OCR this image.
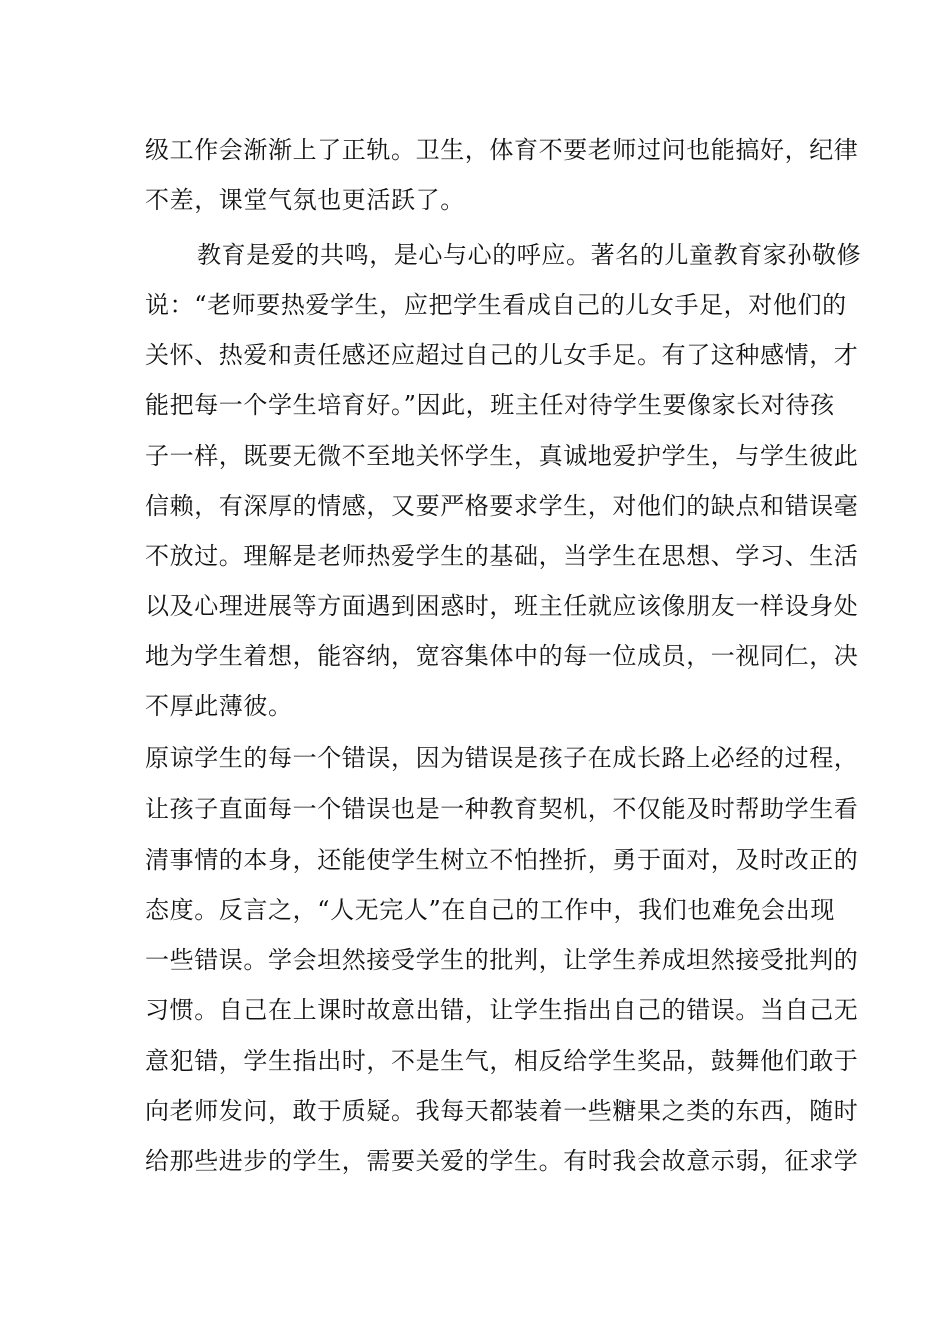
级工作会渐渐上了正轨。卫生，体育不要老师过问也能搞好，纪律
不差，课堂气氛也更活跃了。
教育是爱的共鸣，是心与心的呼应。著名的儿童教育家孙敬修
说：“老师要热爱学生，应把学生看成自己的儿女手足，对他们的
关怀、热爱和责任感还应超过自己的儿女手足。有了这种感情，才
能把每一个学生培育好。”因此，班主任对待学生要像家长对待孩
子一样，既要无微不至地关怀学生，真诚地爱护学生，与学生彼此
信赖，有深厚的情感，又要严格要求学生，对他们的缺点和错误毫
不放过。理解是老师热爱学生的基础，当学生在思想、学习、生活
以及心理进展等方面遇到困惑时，班主任就应该像朋友一样设身处
地为学生着想，能容纳，宽容集体中的每一位成员，一视同仁，决
不厚此薄彼。
原谅学生的每一个错误，因为错误是孩子在成长路上必经的过程，
让孩子直面每一个错误也是一种教育契机，不仅能及时帮助学生看
清事情的本身，还能使学生树立不怕挫折，勇于面对，及时改正的
态度。反言之，“人无完人”在自己的工作中，我们也难免会出现
一些错误。学会坦然接受学生的批判，让学生养成坦然接受批判的
习惯。自己在上课时故意出错，让学生指出自己的错误。当自己无
意犯错，学生指出时，不是生气，相反给学生奖品，鼓舞他们敢于
向老师发问，敢于质疑。我每天都装着一些糖果之类的东西，随时
给那些进步的学生，需要关爱的学生。有时我会故意示弱，征求学
